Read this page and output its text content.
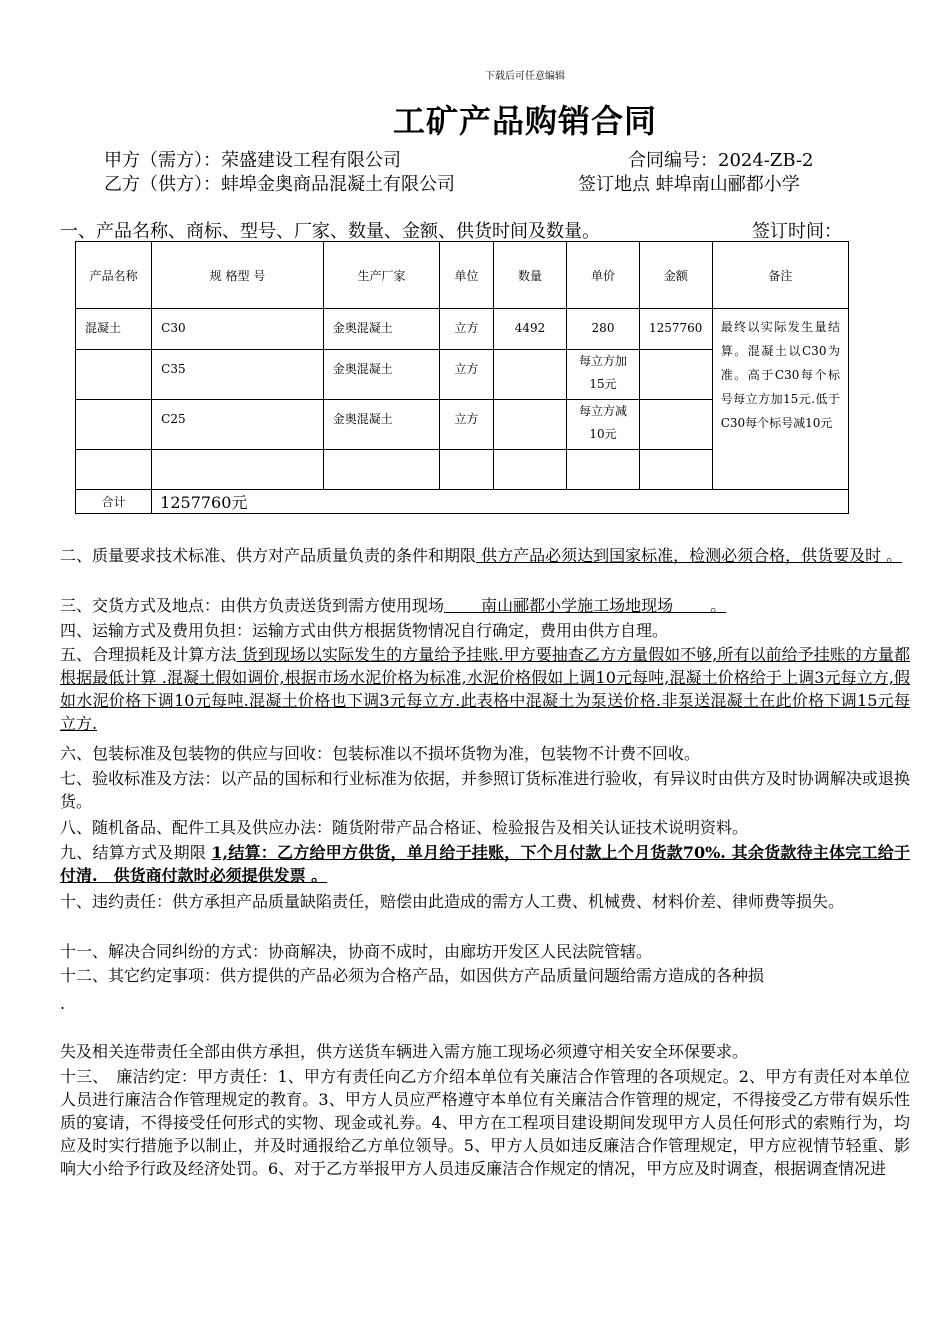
下载后可任意编辑
工矿产品购销合同
甲方（需方）：荣盛建设工程有限公司	合同编号：2024-ZB-2
乙方（供方）：蚌埠金奥商品混凝土有限公司	签订地点 蚌埠南山郦都小学
一、产品名称、商标、型号、厂家、数量、金额、供货时间及数量。	签订时间：
产品名称	规 格型 号	生产厂家	单位	数量	单价	金额	备注

混凝土	C30	金奥混凝土	立方	4492	280	1257760	最终以实际发生量结算。混凝土以C30为准。高于C30每个标号每立方加15元.低于C30每个标号减10元

	C35	金奥混凝土	立方		每立方加15元		

	C25	金奥混凝土	立方		每立方减10元		

合计	1257760元						
二、质量要求技术标准、供方对产品质量负责的条件和期限 供方产品必须达到国家标准，检测必须合格，供货要及时 。
三、交货方式及地点：由供方负责送货到需方使用现场　　 南山郦都小学施工场地现场　　 。
四、运输方式及费用负担：运输方式由供方根据货物情况自行确定，费用由供方自理。
五、合理损耗及计算方法 货到现场以实际发生的方量给予挂账.甲方要抽查乙方方量假如不够,所有以前给予挂账的方量都根据最低计算 .混凝土假如调价,根据市场水泥价格为标准,水泥价格假如上调10元每吨,混凝土价格给于上调3元每立方,假如水泥价格下调10元每吨.混凝土价格也下调3元每立方.此表格中混凝土为泵送价格.非泵送混凝土在此价格下调15元每立方.
六、包装标准及包装物的供应与回收：包装标准以不损坏货物为准，包装物不计费不回收。
七、验收标准及方法：以产品的国标和行业标准为依据，并参照订货标准进行验收，有异议时由供方及时协调解决或退换货。
八、随机备品、配件工具及供应办法：随货附带产品合格证、检验报告及相关认证技术说明资料。
九、结算方式及期限 1,结算：乙方给甲方供货，单月给于挂账，下个月付款上个月货款70%. 其余货款待主体完工给于付清.　供货商付款时必须提供发票 。
十、违约责任：供方承担产品质量缺陷责任，赔偿由此造成的需方人工费、机械费、材料价差、律师费等损失。
十一、解决合同纠纷的方式：协商解决，协商不成时，由廊坊开发区人民法院管辖。
十二、其它约定事项：供方提供的产品必须为合格产品，如因供方产品质量问题给需方造成的各种损
.
失及相关连带责任全部由供方承担，供方送货车辆进入需方施工现场必须遵守相关安全环保要求。
十三、　廉洁约定：甲方责任：1、甲方有责任向乙方介绍本单位有关廉洁合作管理的各项规定。2、甲方有责任对本单位人员进行廉洁合作管理规定的教育。3、甲方人员应严格遵守本单位有关廉洁合作管理的规定，不得接受乙方带有娱乐性质的宴请，不得接受任何形式的实物、现金或礼券。4、甲方在工程项目建设期间发现甲方人员任何形式的索贿行为，均应及时实行措施予以制止，并及时通报给乙方单位领导。5、甲方人员如违反廉洁合作管理规定，甲方应视情节轻重、影响大小给予行政及经济处罚。6、对于乙方举报甲方人员违反廉洁合作规定的情况，甲方应及时调查，根据调查情况进
